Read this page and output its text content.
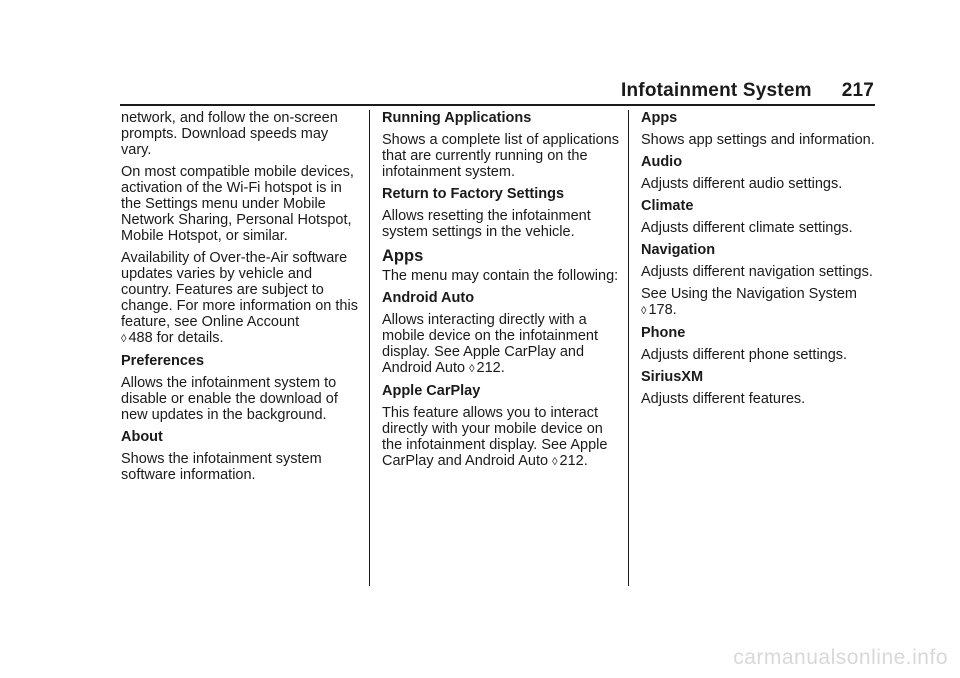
Infotainment System 217

network, and follow the on-screen prompts. Download speeds may vary.

On most compatible mobile devices, activation of the Wi-Fi hotspot is in the Settings menu under Mobile Network Sharing, Personal Hotspot, Mobile Hotspot, or similar.

Availability of Over-the-Air software updates varies by vehicle and country. Features are subject to change. For more information on this feature, see Online Account
◊ 488 for details.

Preferences

Allows the infotainment system to disable or enable the download of new updates in the background.

About

Shows the infotainment system software information.

Running Applications

Shows a complete list of applications that are currently running on the infotainment system.

Return to Factory Settings

Allows resetting the infotainment system settings in the vehicle.

Apps

The menu may contain the following:

Android Auto

Allows interacting directly with a mobile device on the infotainment display. See Apple CarPlay and Android Auto ◊ 212.

Apple CarPlay

This feature allows you to interact directly with your mobile device on the infotainment display. See Apple CarPlay and Android Auto ◊ 212.

Apps

Shows app settings and information.

Audio

Adjusts different audio settings.

Climate

Adjusts different climate settings.

Navigation

Adjusts different navigation settings.

See Using the Navigation System ◊ 178.

Phone

Adjusts different phone settings.

SiriusXM

Adjusts different features.

carmanualsonline.info
